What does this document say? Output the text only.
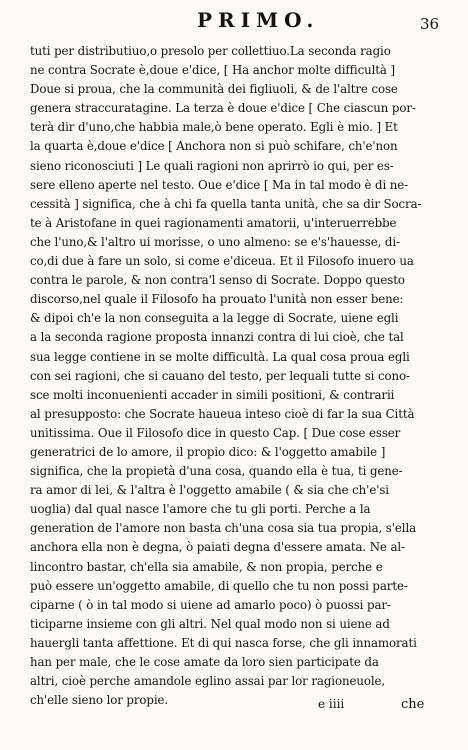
PRIMO.	36
tuti per distributiuo,o presolo per collettiuo.La seconda ragio
ne contra Socrate è,doue e'dice, [ Ha anchor molte difficultà ]
Doue si proua, che la communità dei figliuoli, & de l'altre cose
genera straccuratagine. La terza è doue e'dice [ Che ciascun por-
terà dir d'uno,che habbia male,ò bene operato. Egli è mio. ] Et
la quarta è,doue e'dice [ Anchora non si può schifare, ch'e'non
sieno riconosciuti ] Le quali ragioni non aprirrò io qui, per es-
sere elleno aperte nel testo. Oue e'dice [ Ma in tal modo è di ne-
cessità ] significa, che à chi fa quella tanta unità, che sa dir Socra-
te à Aristofane in quei ragionamenti amatorii, u'interuerrebbe
che l'uno,& l'altro ui morisse, o uno almeno: se e's'hauesse, di-
co,di due à fare un solo, si come e'diceua. Et il Filosofo inuero ua
contra le parole, & non contra'l senso di Socrate. Doppo questo
discorso,nel quale il Filosofo ha prouato l'unità non esser bene:
& dipoi ch'e la non conseguita a la legge di Socrate, uiene egli
a la seconda ragione proposta innanzi contra di lui cioè, che tal
sua legge contiene in se molte difficultà. La qual cosa proua egli
con sei ragioni, che si cauano del testo, per lequali tutte si cono-
sce molti inconuenienti accader in simili positioni, & contrarii
al presupposto: che Socrate haueua inteso cioè di far la sua Città
unitissima. Oue il Filosofo dice in questo Cap. [ Due cose esser
generatrici de lo amore, il propio dico: & l'oggetto amabile ]
significa, che la propietà d'una cosa, quando ella è tua, ti gene-
ra amor di lei, & l'altra è l'oggetto amabile ( & sia che ch'e'si
uoglia) dal qual nasce l'amore che tu gli porti. Perche a la
generation de l'amore non basta ch'una cosa sia tua propia, s'ella
anchora ella non è degna, ò paiati degna d'essere amata. Ne al-
lincontro bastar, ch'ella sia amabile, & non propia, perche e
può essere un'oggetto amabile, di quello che tu non possi parte-
ciparne ( ò in tal modo si uiene ad amarlo poco) ò puossi par-
ticiparne insieme con gli altri. Nel qual modo non si uiene ad
hauergli tanta affettione. Et di qui nasca forse, che gli innamorati
han per male, che le cose amate da loro sien participate da
altri, cioè perche amandole eglino assai par lor ragioneuole,
ch'elle sieno lor propie.	e iiii	che
